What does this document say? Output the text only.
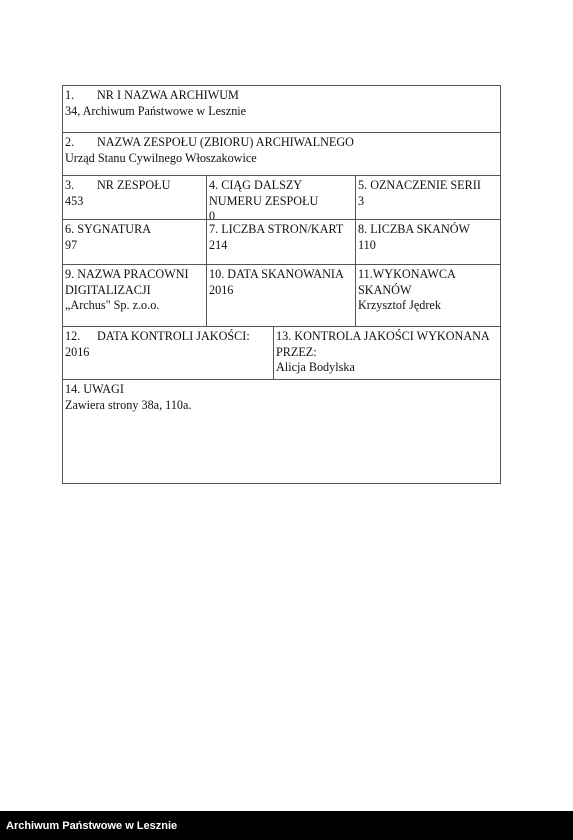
1. NR I NAZWA ARCHIWUM
34, Archiwum Państwowe w Lesznie
2. NAZWA ZESPOŁU (ZBIORU) ARCHIWALNEGO
Urząd Stanu Cywilnego Włoszakowice
3. NR ZESPOŁU
453
4. CIĄG DALSZY
NUMERU ZESPOŁU
0
5. OZNACZENIE SERII
3
6. SYGNATURA
97
7. LICZBA STRON/KART
214
8. LICZBA SKANÓW
110
9. NAZWA PRACOWNI
DIGITALIZACJI
„Archus" Sp. z.o.o.
10. DATA SKANOWANIA
2016
11.WYKONAWCA
SKANÓW
Krzysztof Jędrek
12. DATA KONTROLI JAKOŚCI:
2016
13. KONTROLA JAKOŚCI WYKONANA
PRZEZ:
Alicja Bodylska
14. UWAGI
Zawiera strony 38a, 110a.
Archiwum Państwowe w Lesznie
